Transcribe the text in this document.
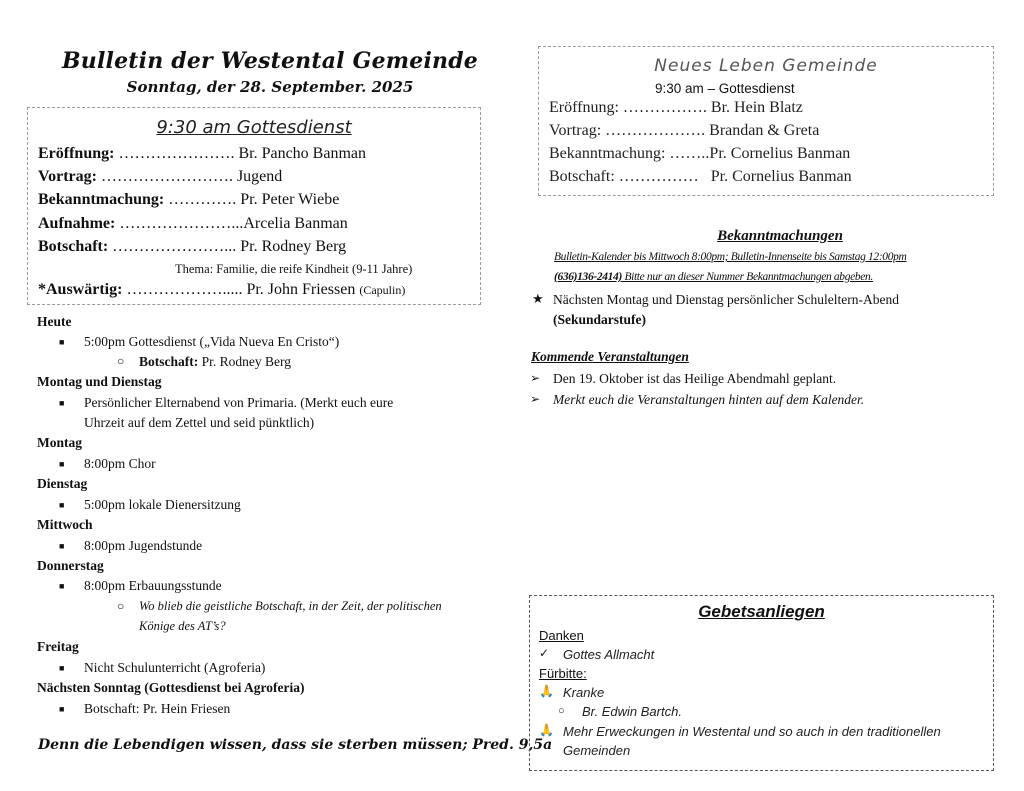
Bulletin der Westental Gemeinde
Sonntag, der 28. September. 2025
9:30 am Gottesdienst
Eröffnung: …………………. Br. Pancho Banman
Vortrag: ……………………. Jugend
Bekanntmachung: …………. Pr. Peter Wiebe
Aufnahme: …………………...Arcelia Banman
Botschaft: …………………... Pr. Rodney Berg
Thema: Familie, die reife Kindheit (9-11 Jahre)
*Auswärtig: ………………..... Pr. John Friessen (Capulin)
Heute
■ 5:00pm Gottesdienst („Vida Nueva En Cristo“)
○ Botschaft: Pr. Rodney Berg
Montag und Dienstag
■ Persönlicher Elternabend von Primaria. (Merkt euch eure
Uhrzeit auf dem Zettel und seid pünktlich)
Montag
■ 8:00pm Chor
Dienstag
■ 5:00pm lokale Dienersitzung
Mittwoch
■ 8:00pm Jugendstunde
Donnerstag
■ 8:00pm Erbauungsstunde
○ Wo blieb die geistliche Botschaft, in der Zeit, der politischen
Könige des AT’s?
Freitag
■ Nicht Schulunterricht (Agroferia)
Nächsten Sonntag (Gottesdienst bei Agroferia)
■ Botschaft: Pr. Hein Friesen
Denn die Lebendigen wissen, dass sie sterben müssen; Pred. 9,5a
Neues Leben Gemeinde
9:30 am – Gottesdienst
Eröffnung: ……………. Br. Hein Blatz
Vortrag: ………………. Brandan & Greta
Bekanntmachung: ……..Pr. Cornelius Banman
Botschaft: ……………   Pr. Cornelius Banman
Bekanntmachungen
Bulletin-Kalender bis Mittwoch 8:00pm; Bulletin-Innenseite bis Samstag 12:00pm
(636)136-2414) Bitte nur an dieser Nummer Bekanntmachungen abgeben.
★ Nächsten Montag und Dienstag persönlicher Schuleltern-Abend (Sekundarstufe)
Kommende Veranstaltungen
➢ Den 19. Oktober ist das Heilige Abendmahl geplant.
➢ Merkt euch die Veranstaltungen hinten auf dem Kalender.
Gebetsanliegen
Danken
✓ Gottes Allmacht
Fürbitte:
🙏 Kranke
○ Br. Edwin Bartch.
🙏 Mehr Erweckungen in Westental und so auch in den traditionellen
Gemeinden
